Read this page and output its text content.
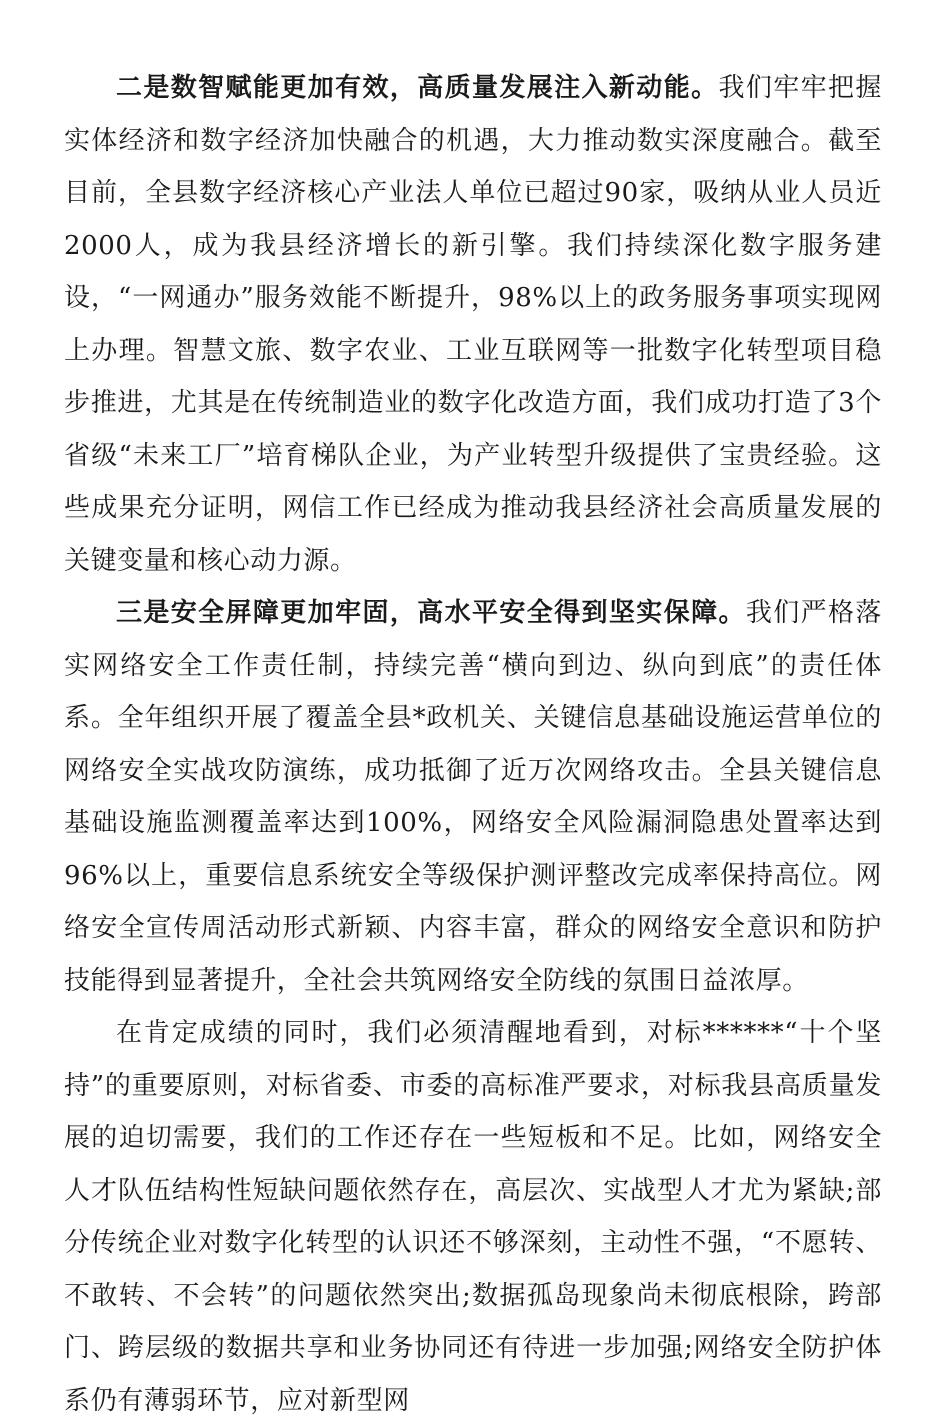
二是数智赋能更加有效，高质量发展注入新动能。我们牢牢把握实体经济和数字经济加快融合的机遇，大力推动数实深度融合。截至目前，全县数字经济核心产业法人单位已超过90家，吸纳从业人员近2000人，成为我县经济增长的新引擎。我们持续深化数字服务建设，“一网通办”服务效能不断提升，98%以上的政务服务事项实现网上办理。智慧文旅、数字农业、工业互联网等一批数字化转型项目稳步推进，尤其是在传统制造业的数字化改造方面，我们成功打造了3个省级“未来工厂”培育梯队企业，为产业转型升级提供了宝贵经验。这些成果充分证明，网信工作已经成为推动我县经济社会高质量发展的关键变量和核心动力源。

三是安全屏障更加牢固，高水平安全得到坚实保障。我们严格落实网络安全工作责任制，持续完善“横向到边、纵向到底”的责任体系。全年组织开展了覆盖全县*政机关、关键信息基础设施运营单位的网络安全实战攻防演练，成功抵御了近万次网络攻击。全县关键信息基础设施监测覆盖率达到100%，网络安全风险漏洞隐患处置率达到96%以上，重要信息系统安全等级保护测评整改完成率保持高位。网络安全宣传周活动形式新颖、内容丰富，群众的网络安全意识和防护技能得到显著提升，全社会共筑网络安全防线的氛围日益浓厚。

在肯定成绩的同时，我们必须清醒地看到，对标******“十个坚持”的重要原则，对标省委、市委的高标准严要求，对标我县高质量发展的迫切需要，我们的工作还存在一些短板和不足。比如，网络安全人才队伍结构性短缺问题依然存在，高层次、实战型人才尤为紧缺;部分传统企业对数字化转型的认识还不够深刻，主动性不强，“不愿转、不敢转、不会转”的问题依然突出;数据孤岛现象尚未彻底根除，跨部门、跨层级的数据共享和业务协同还有待进一步加强;网络安全防护体系仍有薄弱环节，应对新型网
